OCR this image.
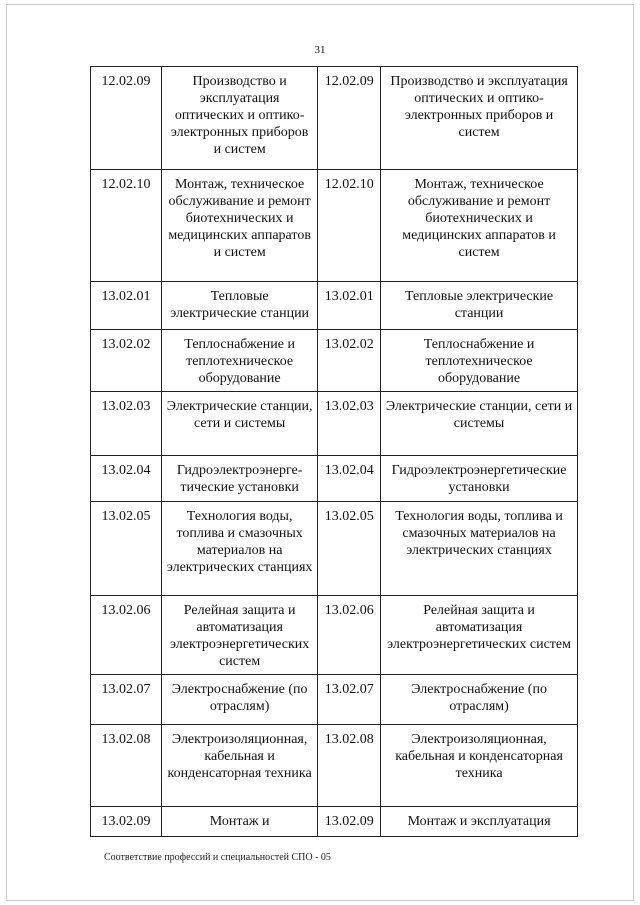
31
12.02.09	Производство и эксплуатация оптических и оптико-электронных приборов и систем	12.02.09	Производство и эксплуатация оптических и оптико-электронных приборов и систем
12.02.10	Монтаж, техническое обслуживание и ремонт биотехнических и медицинских аппаратов и систем	12.02.10	Монтаж, техническое обслуживание и ремонт биотехнических и медицинских аппаратов и систем
13.02.01	Тепловые электрические станции	13.02.01	Тепловые электрические станции
13.02.02	Теплоснабжение и теплотехническое оборудование	13.02.02	Теплоснабжение и теплотехническое оборудование
13.02.03	Электрические станции, сети и системы	13.02.03	Электрические станции, сети и системы
13.02.04	Гидроэлектроэнерге-тические установки	13.02.04	Гидроэлектроэнергетические установки
13.02.05	Технология воды, топлива и смазочных материалов на электрических станциях	13.02.05	Технология воды, топлива и смазочных материалов на электрических станциях
13.02.06	Релейная защита и автоматизация электроэнергетических систем	13.02.06	Релейная защита и автоматизация электроэнергетических систем
13.02.07	Электроснабжение (по отраслям)	13.02.07	Электроснабжение (по отраслям)
13.02.08	Электроизоляционная, кабельная и конденсаторная техника	13.02.08	Электроизоляционная, кабельная и конденсаторная техника
13.02.09	Монтаж и	13.02.09	Монтаж и эксплуатация
Соответствие профессий и специальностей СПО - 05
